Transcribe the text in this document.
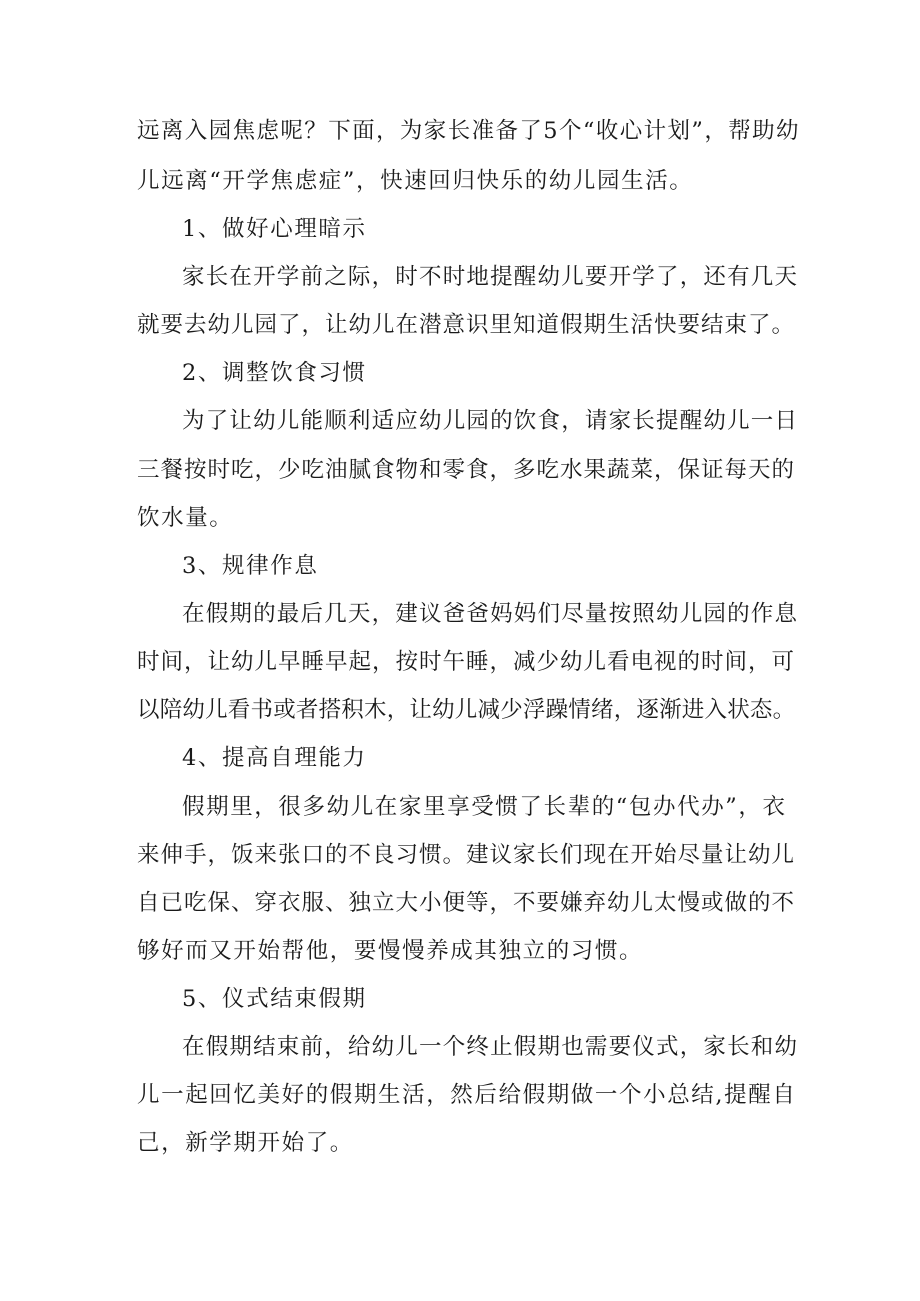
远离入园焦虑呢？下面，为家长准备了5个“收心计划”，帮助幼
儿远离“开学焦虑症”，快速回归快乐的幼儿园生活。
1、做好心理暗示
家长在开学前之际，时不时地提醒幼儿要开学了，还有几天
就要去幼儿园了，让幼儿在潜意识里知道假期生活快要结束了。
2、调整饮食习惯
为了让幼儿能顺利适应幼儿园的饮食，请家长提醒幼儿一日
三餐按时吃，少吃油腻食物和零食，多吃水果蔬菜，保证每天的
饮水量。
3、规律作息
在假期的最后几天，建议爸爸妈妈们尽量按照幼儿园的作息
时间，让幼儿早睡早起，按时午睡，减少幼儿看电视的时间，可
以陪幼儿看书或者搭积木，让幼儿减少浮躁情绪，逐渐进入状态。
4、提高自理能力
假期里，很多幼儿在家里享受惯了长辈的“包办代办”，衣
来伸手，饭来张口的不良习惯。建议家长们现在开始尽量让幼儿
自已吃保、穿衣服、独立大小便等，不要嫌弃幼儿太慢或做的不
够好而又开始帮他，要慢慢养成其独立的习惯。
5、仪式结束假期
在假期结束前，给幼儿一个终止假期也需要仪式，家长和幼
儿一起回忆美好的假期生活，然后给假期做一个小总结,提醒自
己，新学期开始了。
